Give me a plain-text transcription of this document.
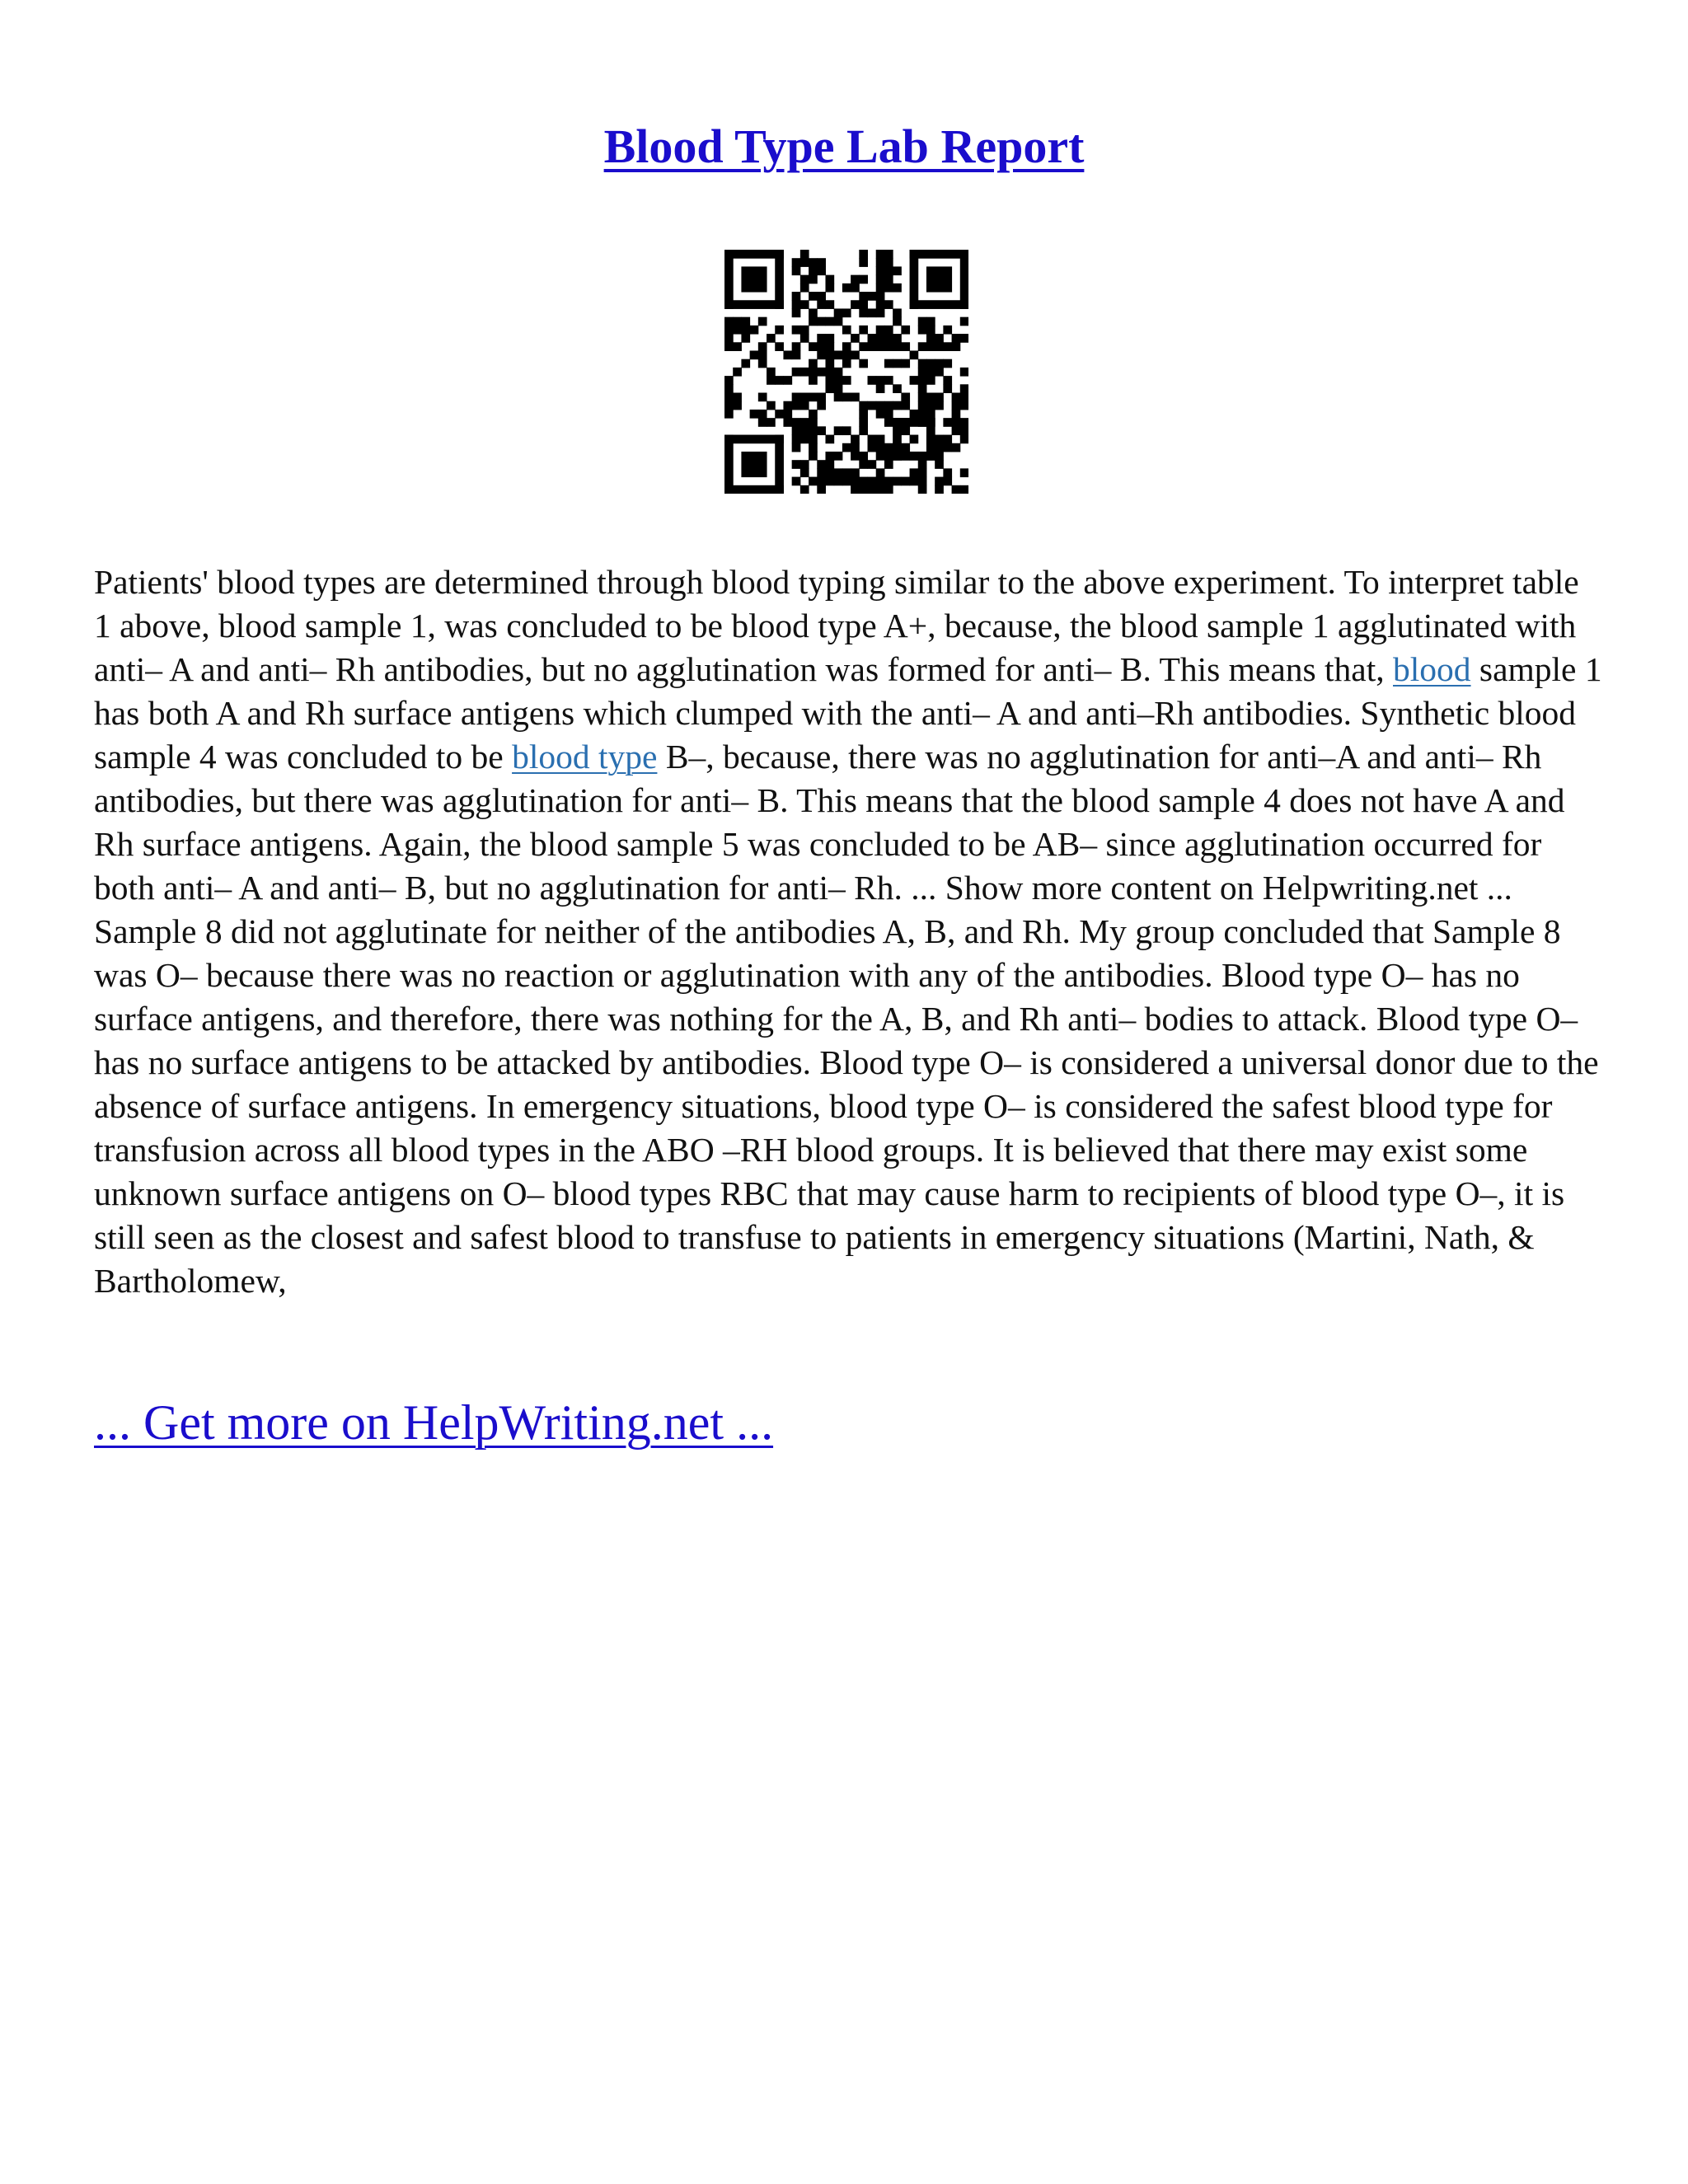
Blood Type Lab Report

Patients' blood types are determined through blood typing similar to the above experiment. To interpret table 1 above, blood sample 1, was concluded to be blood type A+, because, the blood sample 1 agglutinated with anti– A and anti– Rh antibodies, but no agglutination was formed for anti– B. This means that, blood sample 1 has both A and Rh surface antigens which clumped with the anti– A and anti–Rh antibodies. Synthetic blood sample 4 was concluded to be blood type B–, because, there was no agglutination for anti–A and anti– Rh antibodies, but there was agglutination for anti– B. This means that the blood sample 4 does not have A and Rh surface antigens. Again, the blood sample 5 was concluded to be AB– since agglutination occurred for both anti– A and anti– B, but no agglutination for anti– Rh. ... Show more content on Helpwriting.net ...

Sample 8 did not agglutinate for neither of the antibodies A, B, and Rh. My group concluded that Sample 8 was O– because there was no reaction or agglutination with any of the antibodies. Blood type O– has no surface antigens, and therefore, there was nothing for the A, B, and Rh anti– bodies to attack. Blood type O– has no surface antigens to be attacked by antibodies. Blood type O– is considered a universal donor due to the absence of surface antigens. In emergency situations, blood type O– is considered the safest blood type for transfusion across all blood types in the ABO –RH blood groups. It is believed that there may exist some unknown surface antigens on O– blood types RBC that may cause harm to recipients of blood type O–, it is still seen as the closest and safest blood to transfuse to patients in emergency situations (Martini, Nath, & Bartholomew,

... Get more on HelpWriting.net ...
